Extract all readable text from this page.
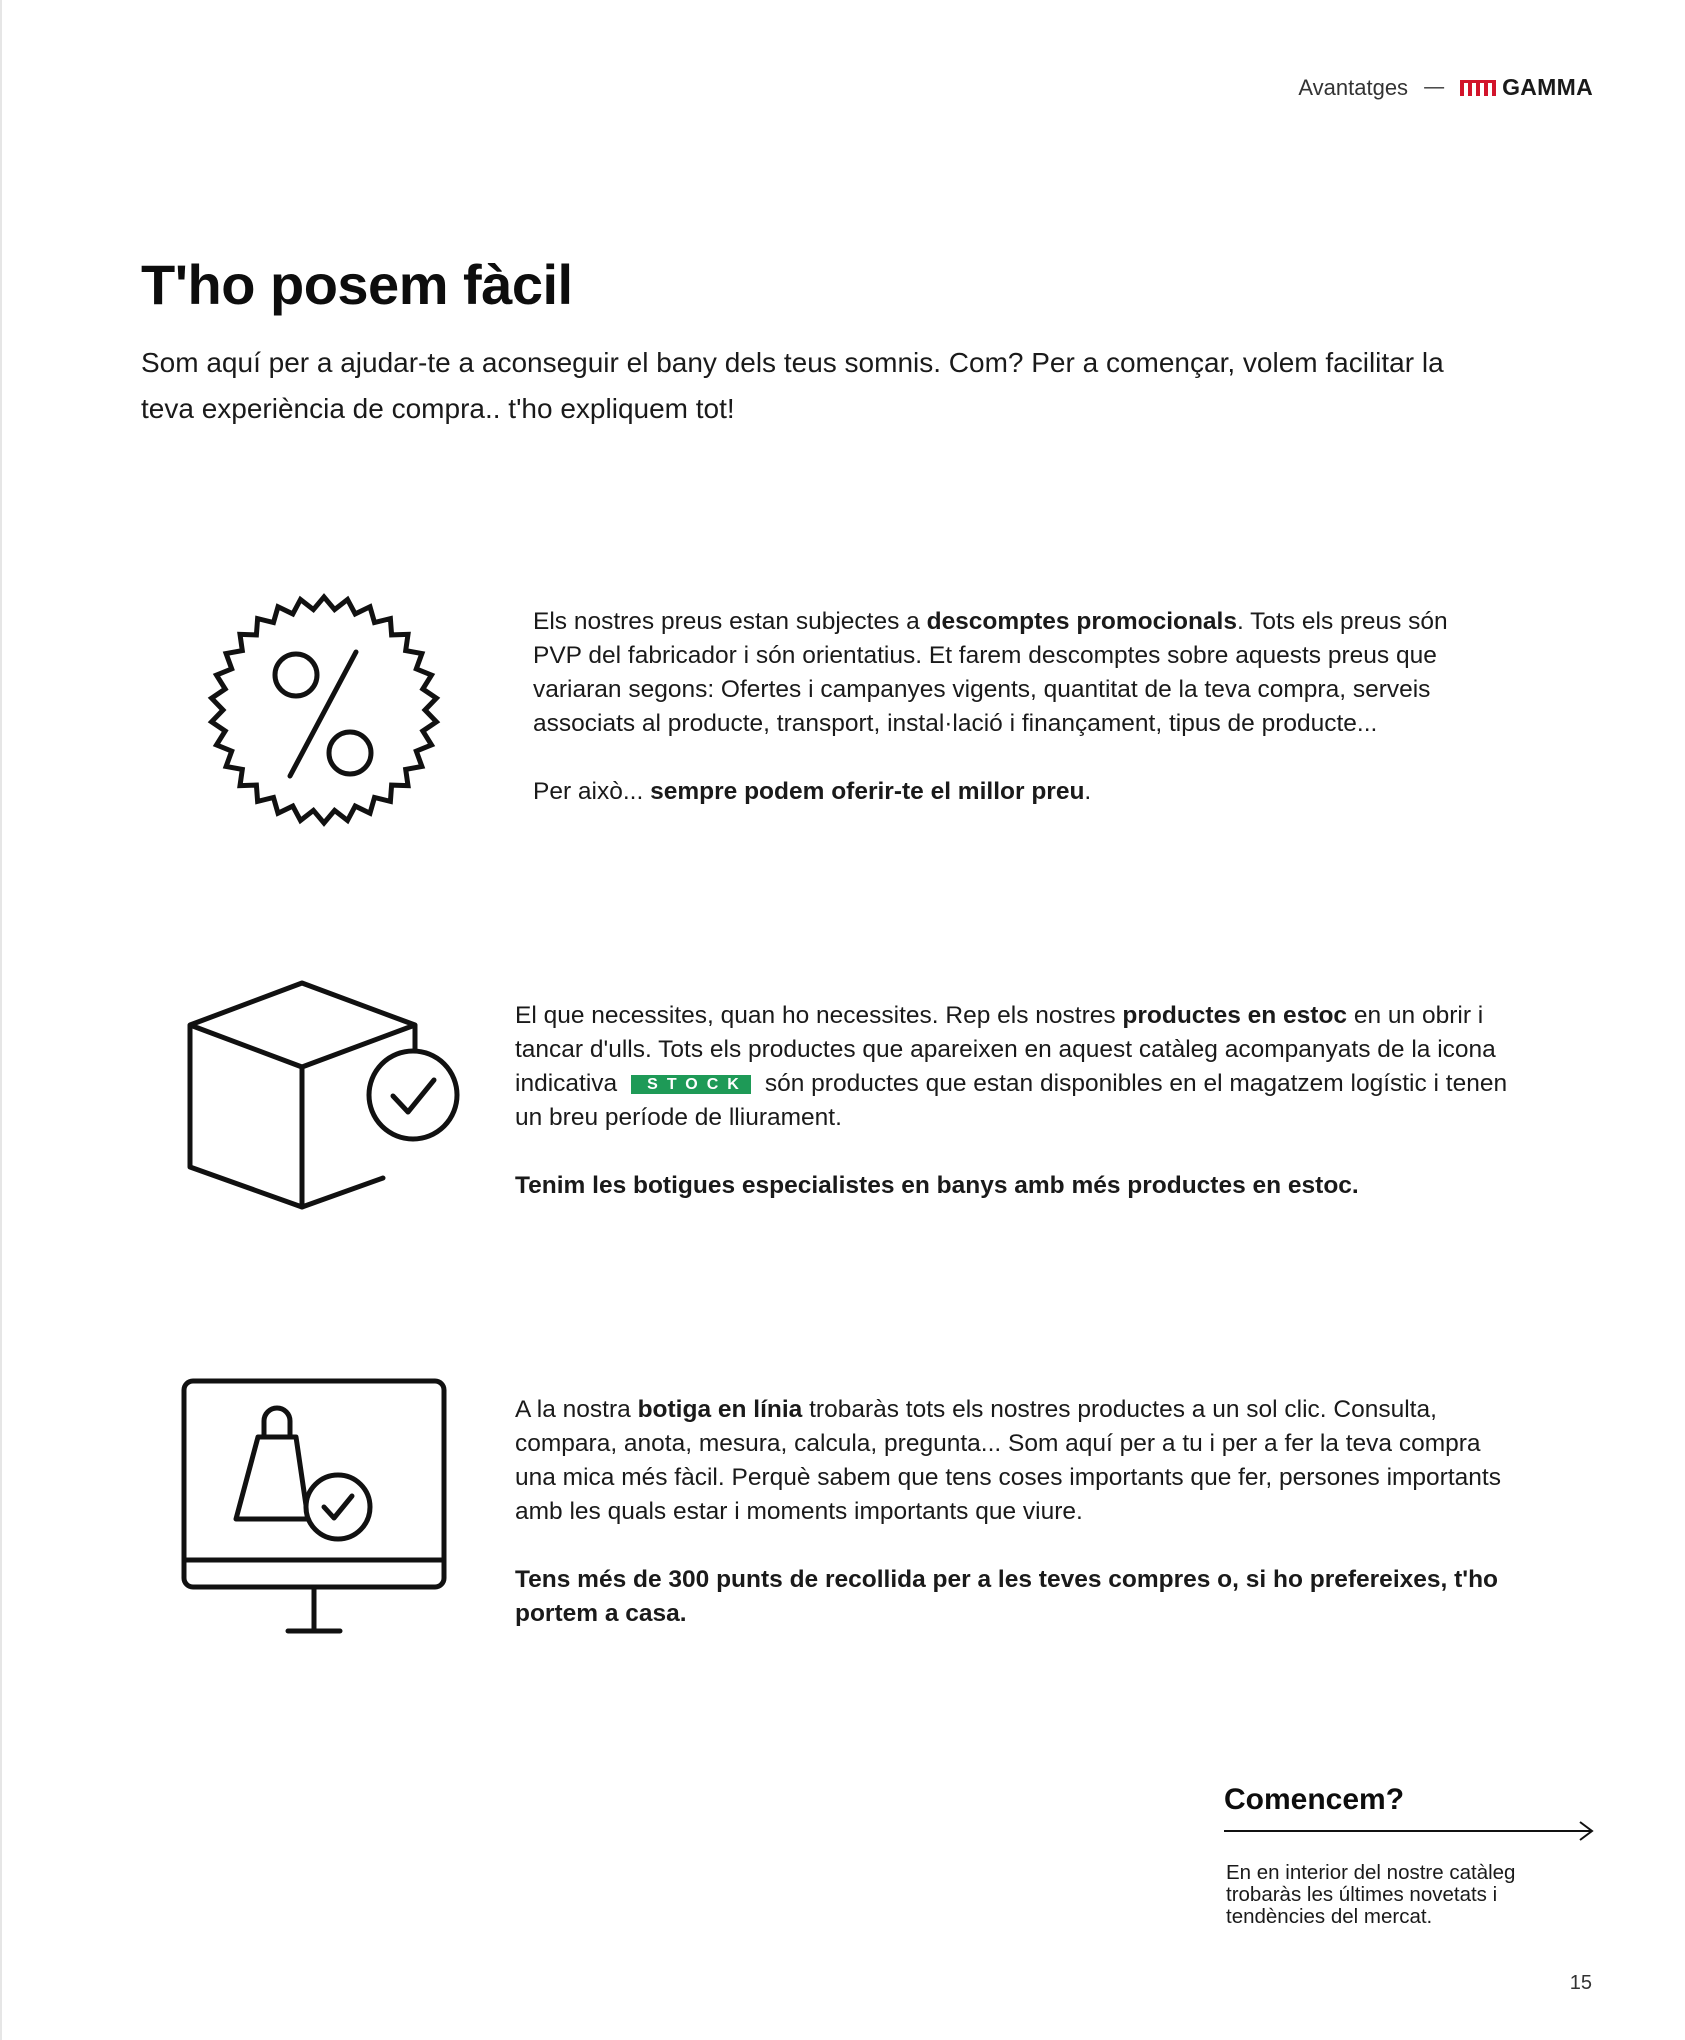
Avantatges —	GAMMA
T'ho posem fàcil

Som aquí per a ajudar-te a aconseguir el bany dels teus somnis. Com? Per a començar, volem facilitar la teva experiència de compra.. t'ho expliquem tot!

Els nostres preus estan subjectes a descomptes promocionals. Tots els preus són PVP del fabricador i són orientatius. Et farem descomptes sobre aquests preus que variaran segons: Ofertes i campanyes vigents, quantitat de la teva compra, serveis associats al producte, transport, instal·lació i finançament, tipus de producte...

Per això... sempre podem oferir-te el millor preu.

El que necessites, quan ho necessites. Rep els nostres productes en estoc en un obrir i tancar d'ulls. Tots els productes que apareixen en aquest catàleg acompanyats de la icona indicativa STOCK són productes que estan disponibles en el magatzem logístic i tenen un breu període de lliurament.

Tenim les botigues especialistes en banys amb més productes en estoc.

A la nostra botiga en línia trobaràs tots els nostres productes a un sol clic. Consulta, compara, anota, mesura, calcula, pregunta... Som aquí per a tu i per a fer la teva compra una mica més fàcil. Perquè sabem que tens coses importants que fer, persones importants amb les quals estar i moments importants que viure.

Tens més de 300 punts de recollida per a les teves compres o, si ho prefereixes, t'ho portem a casa.

Comencem?

En en interior del nostre catàleg trobaràs les últimes novetats i tendències del mercat.

15
